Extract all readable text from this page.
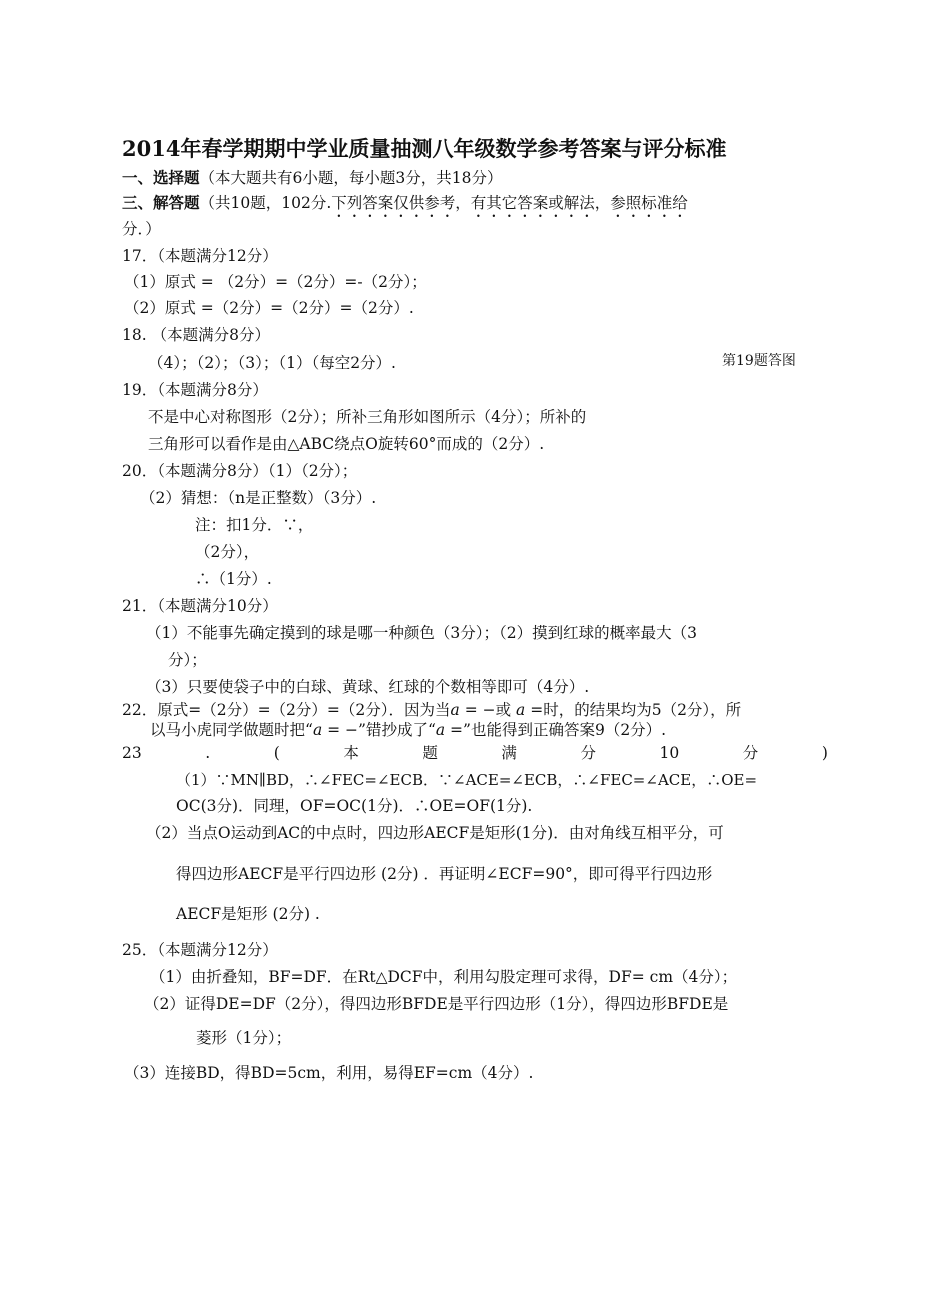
2014年春学期期中学业质量抽测八年级数学参考答案与评分标准
一、选择题（本大题共有6小题，每小题3分，共18分）
三、解答题（共10题，102分.下列答案仅供参考，有其它答案或解法，参照标准给
分．）
17．（本题满分12分）
（1）原式 = （2分）=（2分）=-（2分）；
（2）原式 =（2分）=（2分）=（2分）.
18. （本题满分8分）
（4）；（2）；（3）；（1）（每空2分）.	第19题答图
19．（本题满分8分）
不是中心对称图形（2分）；所补三角形如图所示（4分）；所补的
三角形可以看作是由△ABC绕点O旋转60°而成的（2分）.
20．（本题满分8分）（1）（2分）；
（2）猜想：（n是正整数）（3分）.
注：扣1分．∵，
（2分），
∴（1分）.
21．（本题满分10分）
（1）不能事先确定摸到的球是哪一种颜色（3分）；（2）摸到红球的概率最大（3
分）；
（3）只要使袋子中的白球、黄球、红球的个数相等即可（4分）.
22．原式=（2分）=（2分）=（2分）．因为当a = −或 a =时，的结果均为5（2分），所
以马小虎同学做题时把“a = −”错抄成了“a =”也能得到正确答案9（2分）.
23	.	(	本	题	满	分	10	分	)
（1）∵MN∥BD，∴∠FEC=∠ECB．∵∠ACE=∠ECB，∴∠FEC=∠ACE，∴OE=
OC(3分)．同理，OF=OC(1分)．∴OE=OF(1分).
（2）当点O运动到AC的中点时，四边形AECF是矩形(1分)．由对角线互相平分，可
得四边形AECF是平行四边形 (2分) ．再证明∠ECF=90°，即可得平行四边形
AECF是矩形 (2分) .
25．（本题满分12分）
（1）由折叠知，BF=DF．在Rt△DCF中，利用勾股定理可求得，DF= cm（4分）；
（2）证得DE=DF（2分），得四边形BFDE是平行四边形（1分），得四边形BFDE是
菱形（1分）；
（3）连接BD，得BD=5cm，利用，易得EF=cm（4分）.
